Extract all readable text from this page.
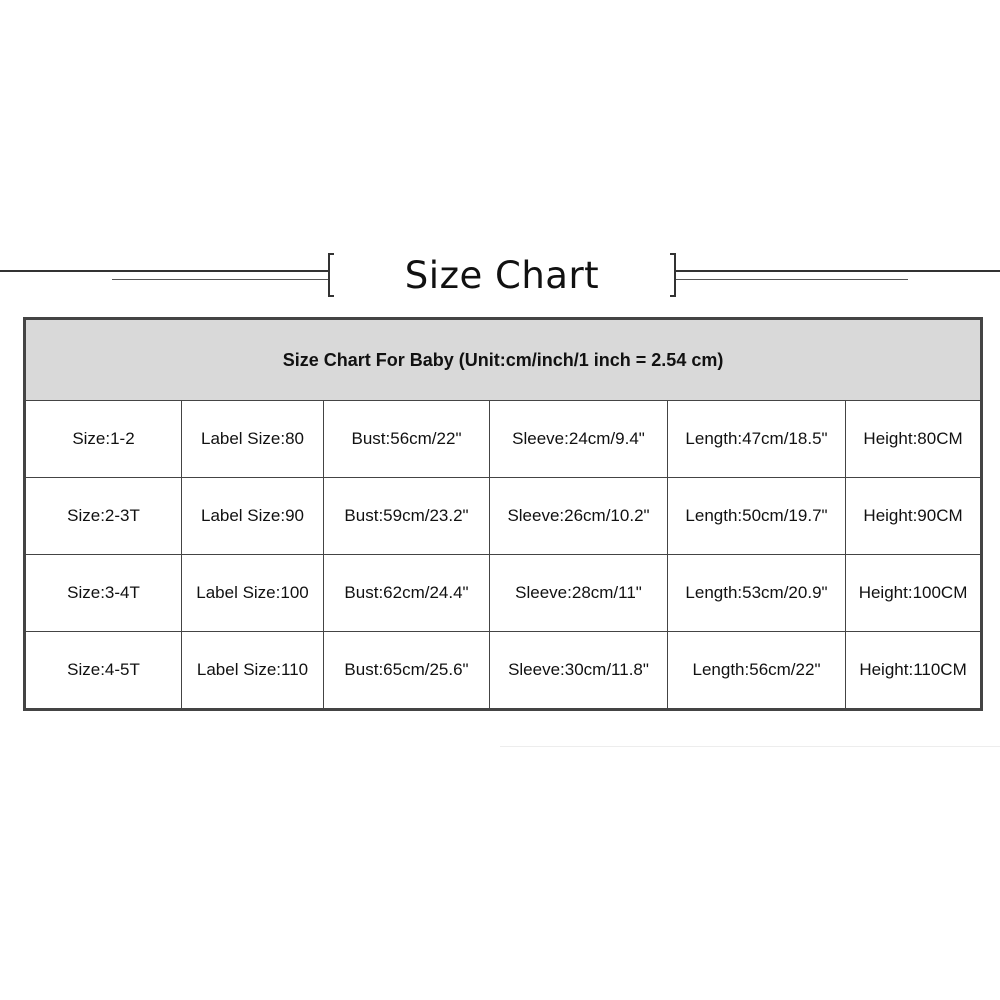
Size Chart
Size Chart For Baby (Unit:cm/inch/1 inch = 2.54 cm)					
Size:1-2	Label Size:80	Bust:56cm/22"	Sleeve:24cm/9.4"	Length:47cm/18.5"	Height:80CM
Size:2-3T	Label Size:90	Bust:59cm/23.2"	Sleeve:26cm/10.2"	Length:50cm/19.7"	Height:90CM
Size:3-4T	Label Size:100	Bust:62cm/24.4"	Sleeve:28cm/11"	Length:53cm/20.9"	Height:100CM
Size:4-5T	Label Size:110	Bust:65cm/25.6"	Sleeve:30cm/11.8"	Length:56cm/22"	Height:110CM
